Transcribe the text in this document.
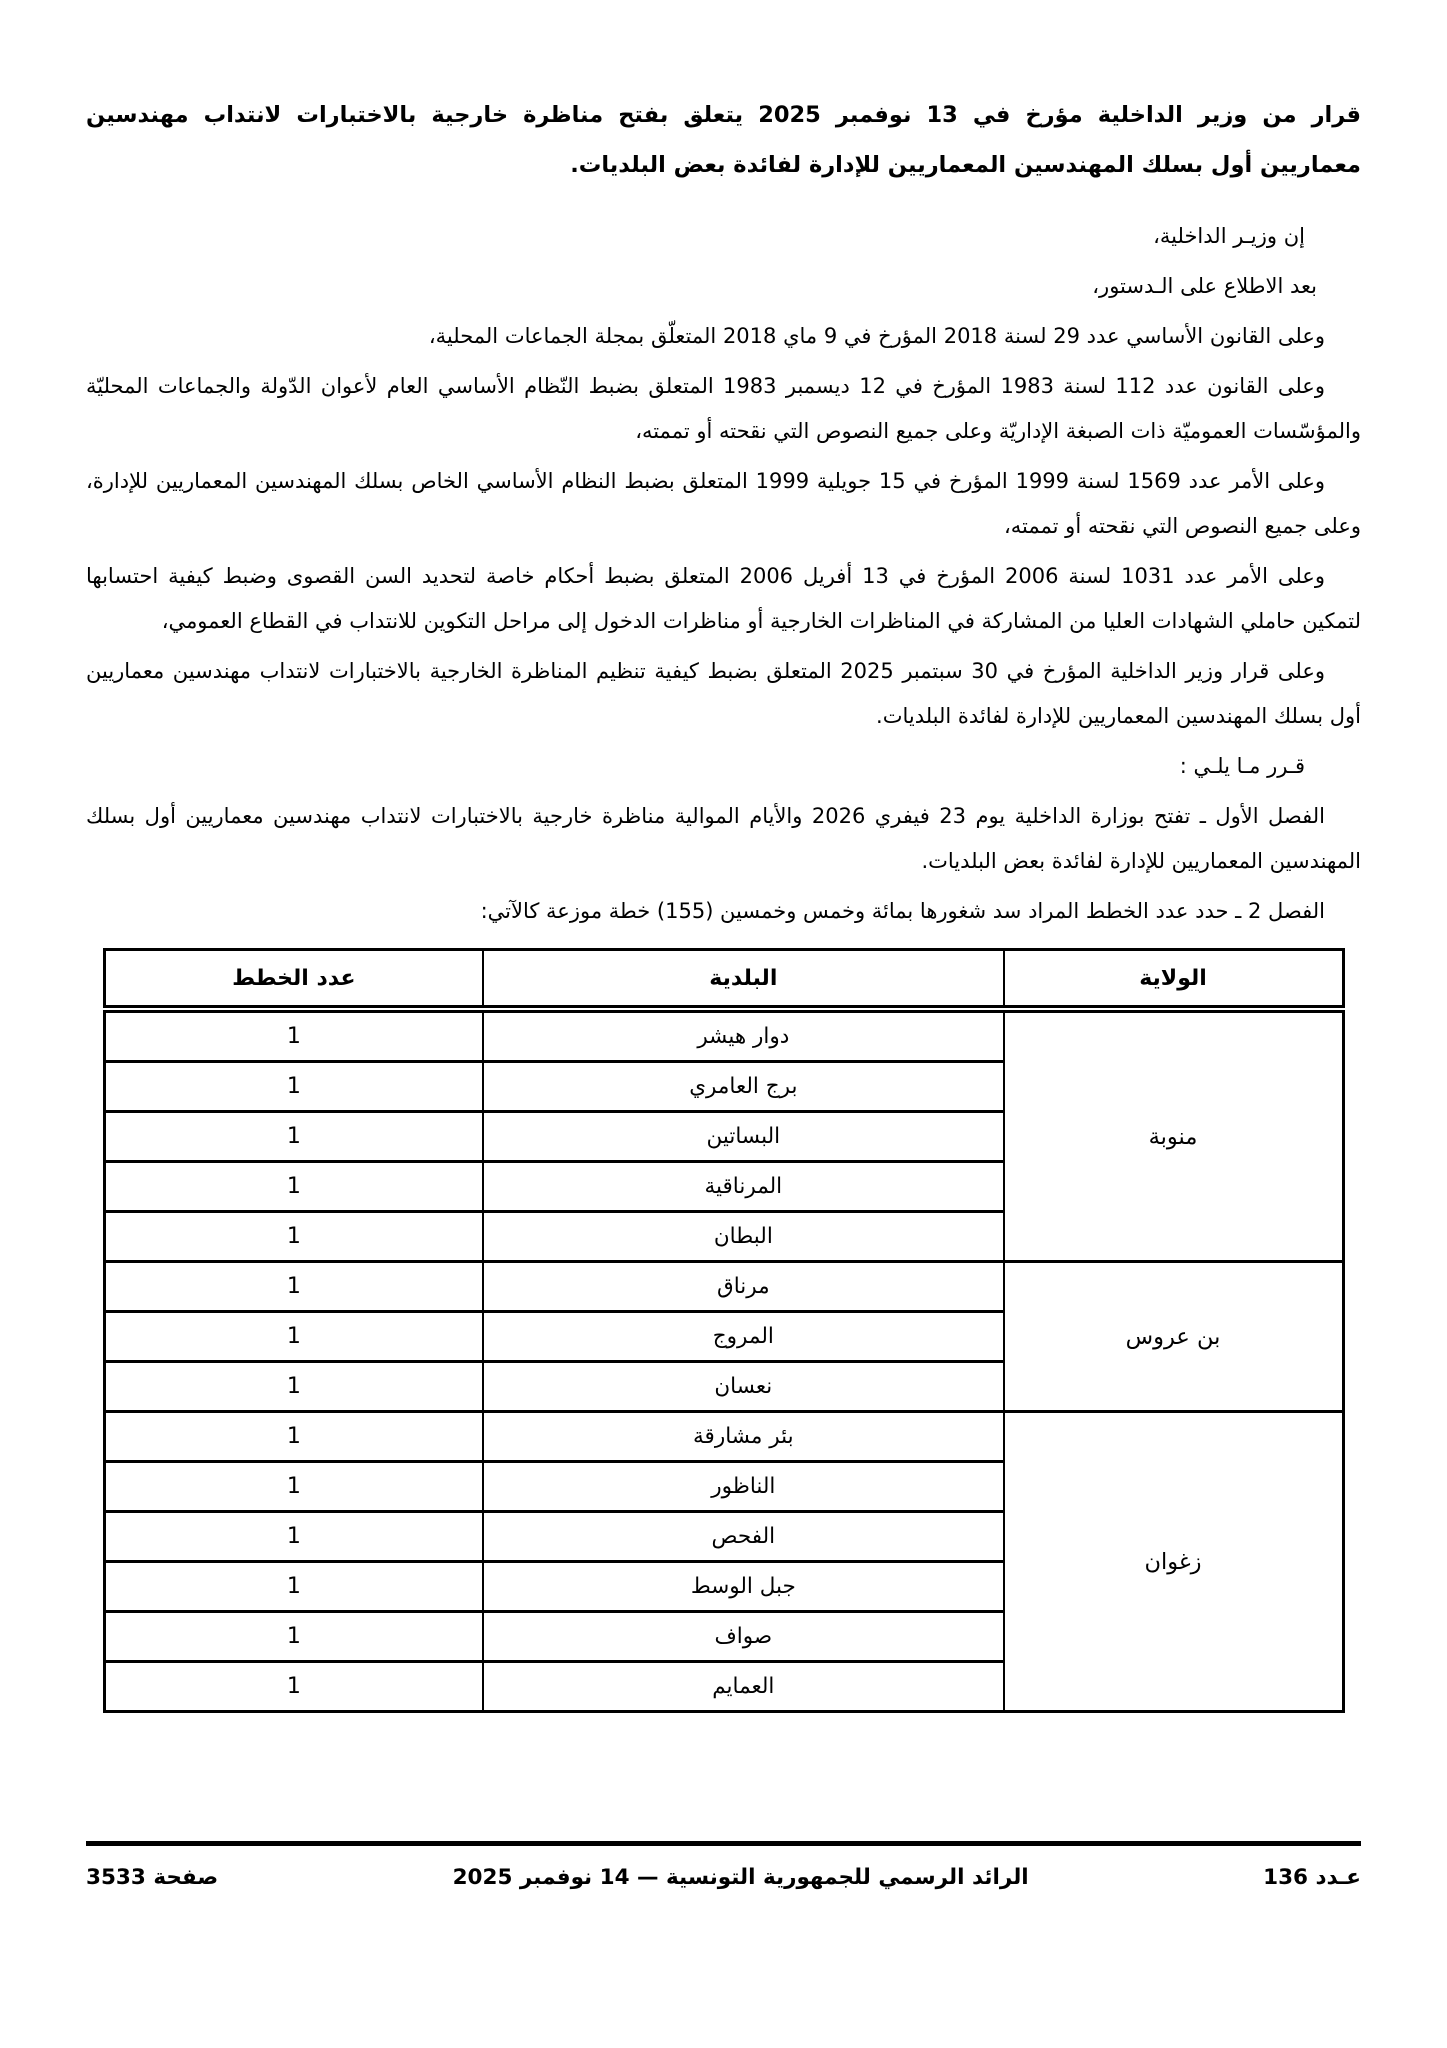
قرار من وزير الداخلية مؤرخ في 13 نوفمبر 2025 يتعلق بفتح مناظرة خارجية بالاختبارات لانتداب مهندسين معماريين أول بسلك المهندسين المعماريين للإدارة لفائدة بعض البلديات.

إن وزيـر الداخلية،

بعد الاطلاع على الـدستور،

وعلى القانون الأساسي عدد 29 لسنة 2018 المؤرخ في 9 ماي 2018 المتعلّق بمجلة الجماعات المحلية،

وعلى القانون عدد 112 لسنة 1983 المؤرخ في 12 ديسمبر 1983 المتعلق بضبط النّظام الأساسي العام لأعوان الدّولة والجماعات المحليّة والمؤسّسات العموميّة ذات الصبغة الإداريّة وعلى جميع النصوص التي نقحته أو تممته،

وعلى الأمر عدد 1569 لسنة 1999 المؤرخ في 15 جويلية 1999 المتعلق بضبط النظام الأساسي الخاص بسلك المهندسين المعماريين للإدارة، وعلى جميع النصوص التي نقحته أو تممته،

وعلى الأمر عدد 1031 لسنة 2006 المؤرخ في 13 أفريل 2006 المتعلق بضبط أحكام خاصة لتحديد السن القصوى وضبط كيفية احتسابها لتمكين حاملي الشهادات العليا من المشاركة في المناظرات الخارجية أو مناظرات الدخول إلى مراحل التكوين للانتداب في القطاع العمومي،

وعلى قرار وزير الداخلية المؤرخ في 30 سبتمبر 2025 المتعلق بضبط كيفية تنظيم المناظرة الخارجية بالاختبارات لانتداب مهندسين معماريين أول بسلك المهندسين المعماريين للإدارة لفائدة البلديات.

قـرر مـا يلـي :

الفصل الأول ـ تفتح بوزارة الداخلية يوم 23 فيفري 2026 والأيام الموالية مناظرة خارجية بالاختبارات لانتداب مهندسين معماريين أول بسلك المهندسين المعماريين للإدارة لفائدة بعض البلديات.

الفصل 2 ـ حدد عدد الخطط المراد سد شغورها بمائة وخمس وخمسين (155) خطة موزعة كالآتي:

الولاية	البلدية	عدد الخطط
منوبة	دوار هيشر	1
	برج العامري	1
	البساتين	1
	المرناقية	1
	البطان	1
بن عروس	مرناق	1
	المروج	1
	نعسان	1
زغوان	بئر مشارقة	1
	الناظور	1
	الفحص	1
	جبل الوسط	1
	صواف	1
	العمايم	1
عـدد 136
الرائد الرسمي للجمهورية التونسية — 14 نوفمبر 2025
صفحة 3533
